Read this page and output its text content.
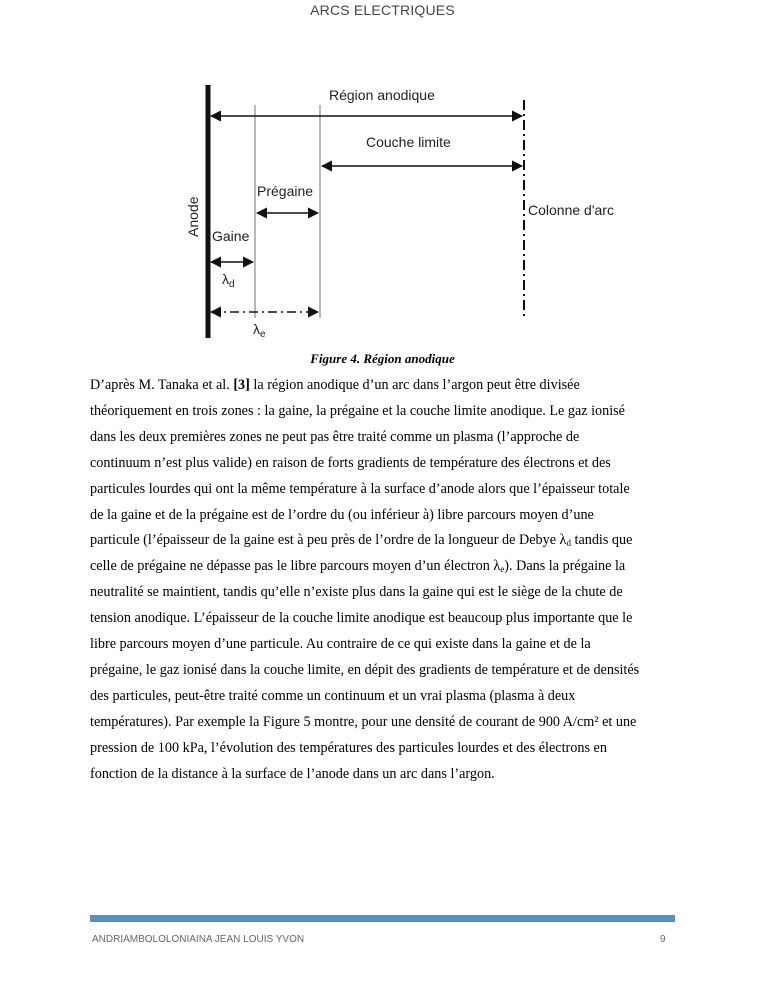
ARCS ELECTRIQUES
Région anodique
Couche limite
Prégaine
Colonne d'arc
Anode Gaine
$\lambda_d$
$\lambda_e$
Figure 4. Région anodique
D’après M. Tanaka et al. [3] la région anodique d’un arc dans l’argon peut être divisée
théoriquement en trois zones : la gaine, la prégaine et la couche limite anodique. Le gaz ionisé
dans les deux premières zones ne peut pas être traité comme un plasma (l’approche de
continuum n’est plus valide) en raison de forts gradients de température des électrons et des
particules lourdes qui ont la même température à la surface d’anode alors que l’épaisseur totale
de la gaine et de la prégaine est de l’ordre du (ou inférieur à) libre parcours moyen d’une
particule (l’épaisseur de la gaine est à peu près de l’ordre de la longueur de Debye $\lambda_d$ tandis que
celle de prégaine ne dépasse pas le libre parcours moyen d’un électron $\lambda_e$). Dans la prégaine la
neutralité se maintient, tandis qu’elle n’existe plus dans la gaine qui est le siège de la chute de
tension anodique. L’épaisseur de la couche limite anodique est beaucoup plus importante que le
libre parcours moyen d’une particule. Au contraire de ce qui existe dans la gaine et de la
prégaine, le gaz ionisé dans la couche limite, en dépit des gradients de température et de densités
des particules, peut-être traité comme un continuum et un vrai plasma (plasma à deux
températures). Par exemple la Figure 5 montre, pour une densité de courant de 900 A/cm² et une
pression de 100 kPa, l’évolution des températures des particules lourdes et des électrons en
fonction de la distance à la surface de l’anode dans un arc dans l’argon.
ANDRIAMBOLOLONIAINA JEAN LOUIS YVON	9
